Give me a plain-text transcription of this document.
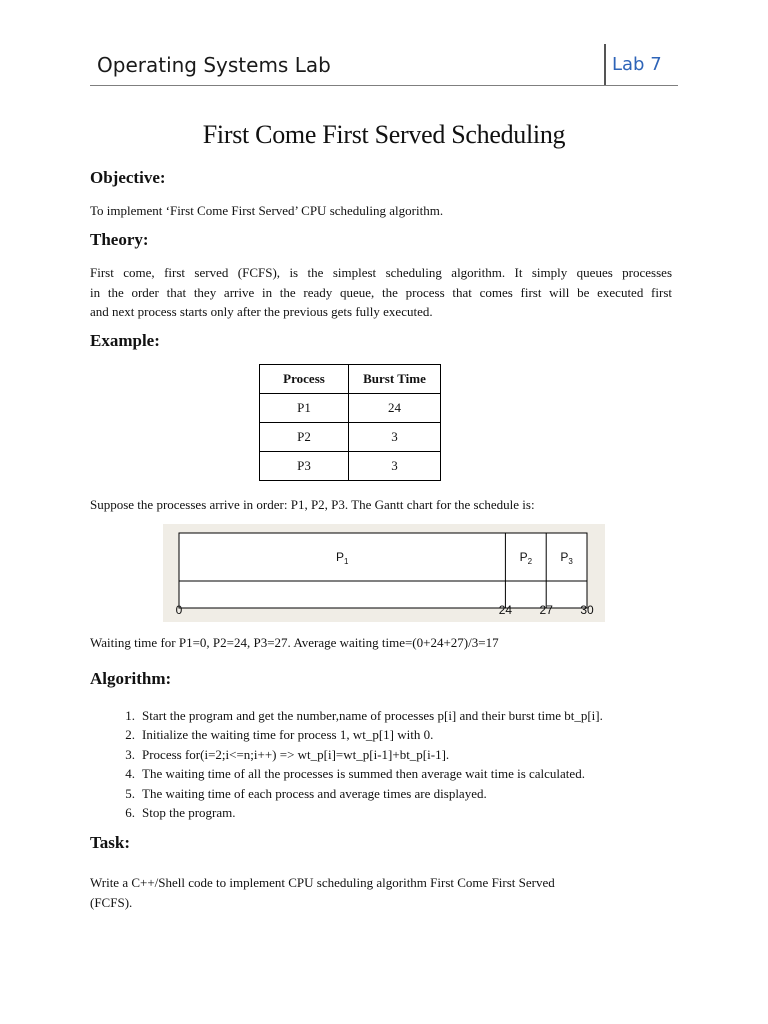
Operating Systems Lab	Lab 7
First Come First Served Scheduling
Objective:
To implement ‘First Come First Served’ CPU scheduling algorithm.
Theory:
First come, first served (FCFS), is the simplest scheduling algorithm. It simply queues processes
in the order that they arrive in the ready queue, the process that comes first will be executed first
and next process starts only after the previous gets fully executed.
Example:
Process	Burst Time
P1	24
P2	3
P3	3
Suppose the processes arrive in order: P1, P2, P3. The Gantt chart for the schedule is:
$P_1$	$P_2$ $P_3$
0	24 27 30
Waiting time for P1=0, P2=24, P3=27. Average waiting time=(0+24+27)/3=17
Algorithm:
1. Start the program and get the number,name of processes p[i] and their burst time bt_p[i].
2. Initialize the waiting time for process 1, wt_p[1] with 0.
3. Process for(i=2;i<=n;i++) => wt_p[i]=wt_p[i-1]+bt_p[i-1].
4. The waiting time of all the processes is summed then average wait time is calculated.
5. The waiting time of each process and average times are displayed.
6. Stop the program.
Task:
Write a C++/Shell code to implement CPU scheduling algorithm First Come First Served
(FCFS).
